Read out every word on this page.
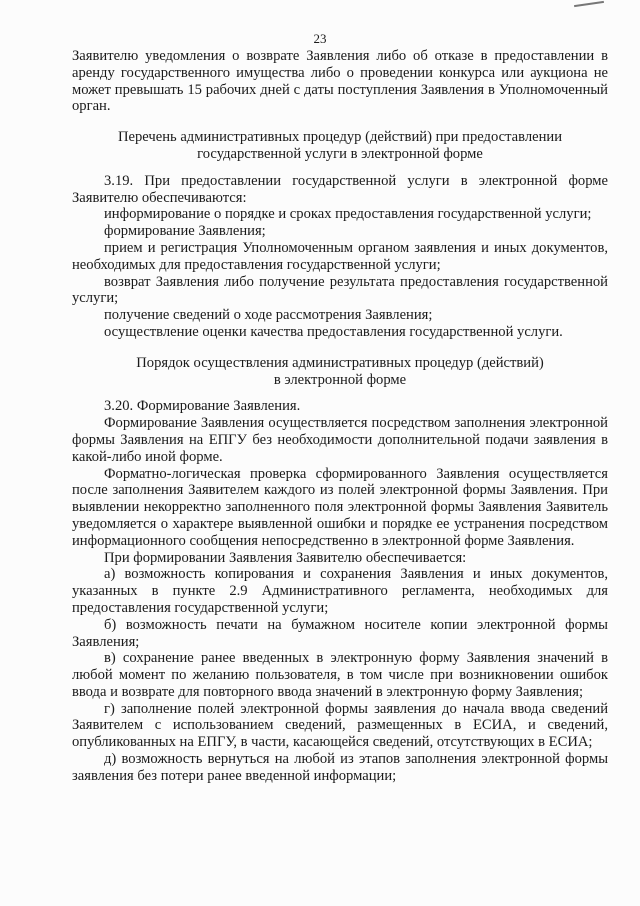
23

Заявителю уведомления о возврате Заявления либо об отказе в предоставлении в аренду государственного имущества либо о проведении конкурса или аукциона не может превышать 15 рабочих дней с даты поступления Заявления в Уполномоченный орган.

Перечень административных процедур (действий) при предоставлении
государственной услуги в электронной форме

3.19. При предоставлении государственной услуги в электронной форме Заявителю обеспечиваются:

информирование о порядке и сроках предоставления государственной услуги;

формирование Заявления;

прием и регистрация Уполномоченным органом заявления и иных документов, необходимых для предоставления государственной услуги;

возврат Заявления либо получение результата предоставления государственной услуги;

получение сведений о ходе рассмотрения Заявления;

осуществление оценки качества предоставления государственной услуги.

Порядок осуществления административных процедур (действий)
в электронной форме

3.20. Формирование Заявления.

Формирование Заявления осуществляется посредством заполнения электронной формы Заявления на ЕПГУ без необходимости дополнительной подачи заявления в какой-либо иной форме.

Форматно-логическая проверка сформированного Заявления осуществляется после заполнения Заявителем каждого из полей электронной формы Заявления. При выявлении некорректно заполненного поля электронной формы Заявления Заявитель уведомляется о характере выявленной ошибки и порядке ее устранения посредством информационного сообщения непосредственно в электронной форме Заявления.

При формировании Заявления Заявителю обеспечивается:

а) возможность копирования и сохранения Заявления и иных документов, указанных в пункте 2.9 Административного регламента, необходимых для предоставления государственной услуги;

б) возможность печати на бумажном носителе копии электронной формы Заявления;

в) сохранение ранее введенных в электронную форму Заявления значений в любой момент по желанию пользователя, в том числе при возникновении ошибок ввода и возврате для повторного ввода значений в электронную форму Заявления;

г) заполнение полей электронной формы заявления до начала ввода сведений Заявителем с использованием сведений, размещенных в ЕСИА, и сведений, опубликованных на ЕПГУ, в части, касающейся сведений, отсутствующих в ЕСИА;

д) возможность вернуться на любой из этапов заполнения электронной формы заявления без потери ранее введенной информации;
